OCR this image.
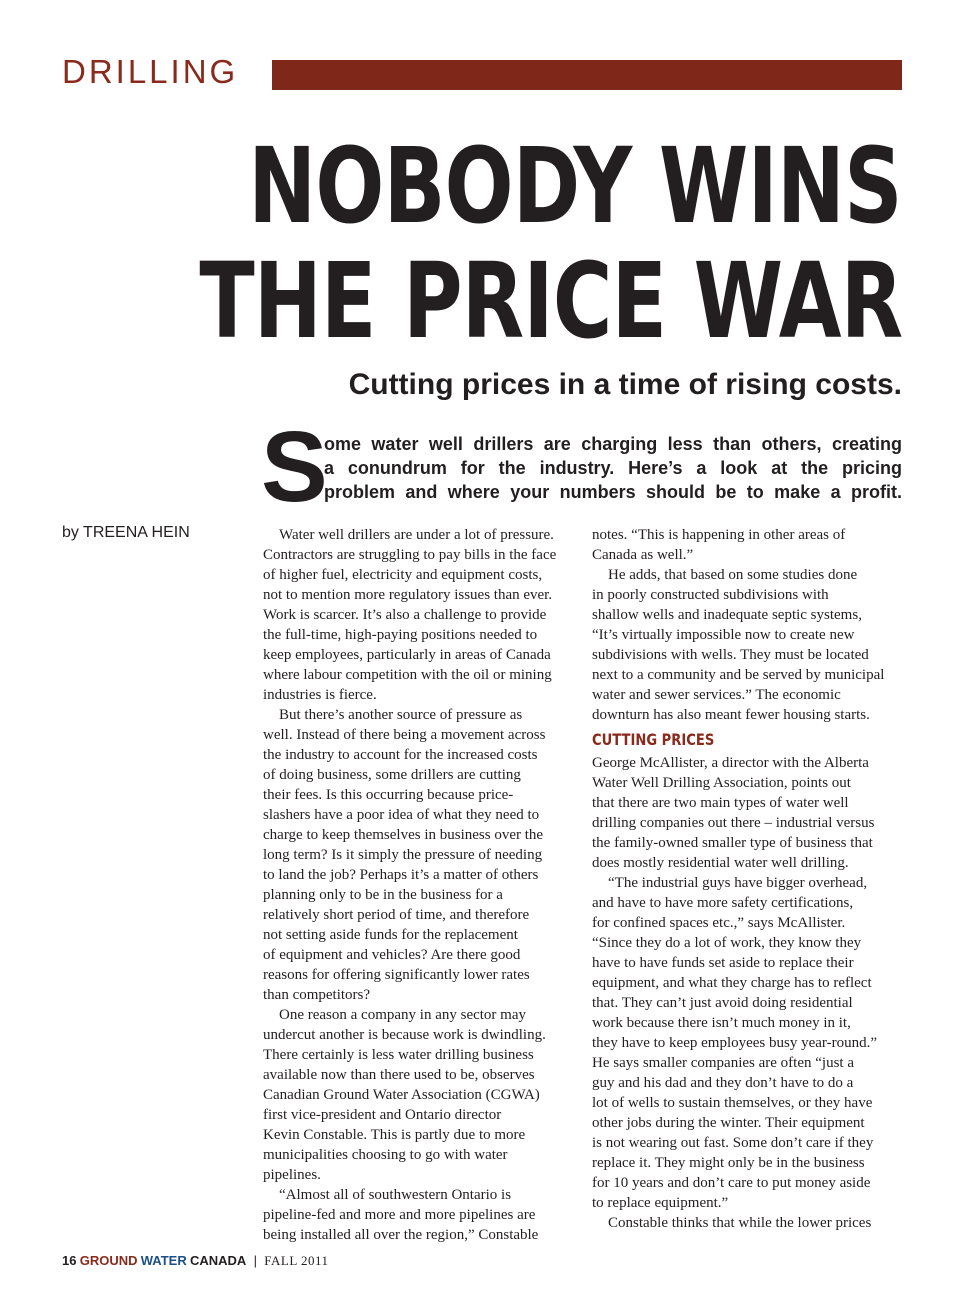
DRILLING
NOBODY WINS
THE PRICE WAR
Cutting prices in a time of rising costs.
S
ome water well drillers are charging less than others, creating
a conundrum for the industry. Here’s a look at the pricing
problem and where your numbers should be to make a profit.
by TREENA HEIN	Water well drillers are under a lot of pressure.
Contractors are struggling to pay bills in the face
of higher fuel, electricity and equipment costs,
not to mention more regulatory issues than ever.
Work is scarcer. It’s also a challenge to provide
the full-time, high-paying positions needed to
keep employees, particularly in areas of Canada
where labour competition with the oil or mining
industries is fierce.
But there’s another source of pressure as
well. Instead of there being a movement across
the industry to account for the increased costs
of doing business, some drillers are cutting
their fees. Is this occurring because price-
slashers have a poor idea of what they need to
charge to keep themselves in business over the
long term? Is it simply the pressure of needing
to land the job? Perhaps it’s a matter of others
planning only to be in the business for a
relatively short period of time, and therefore
not setting aside funds for the replacement
of equipment and vehicles? Are there good
reasons for offering significantly lower rates
than competitors?
One reason a company in any sector may
undercut another is because work is dwindling.
There certainly is less water drilling business
available now than there used to be, observes
Canadian Ground Water Association (CGWA)
first vice-president and Ontario director
Kevin Constable. This is partly due to more
municipalities choosing to go with water
pipelines.
“Almost all of southwestern Ontario is
pipeline-fed and more and more pipelines are
being installed all over the region,” Constable
notes. “This is happening in other areas of
Canada as well.”
He adds, that based on some studies done
in poorly constructed subdivisions with
shallow wells and inadequate septic systems,
“It’s virtually impossible now to create new
subdivisions with wells. They must be located
next to a community and be served by municipal
water and sewer services.” The economic
downturn has also meant fewer housing starts.
CUTTING PRICES
George McAllister, a director with the Alberta
Water Well Drilling Association, points out
that there are two main types of water well
drilling companies out there – industrial versus
the family-owned smaller type of business that
does mostly residential water well drilling.
“The industrial guys have bigger overhead,
and have to have more safety certifications,
for confined spaces etc.,” says McAllister.
“Since they do a lot of work, they know they
have to have funds set aside to replace their
equipment, and what they charge has to reflect
that. They can’t just avoid doing residential
work because there isn’t much money in it,
they have to keep employees busy year-round.”
He says smaller companies are often “just a
guy and his dad and they don’t have to do a
lot of wells to sustain themselves, or they have
other jobs during the winter. Their equipment
is not wearing out fast. Some don’t care if they
replace it. They might only be in the business
for 10 years and don’t care to put money aside
to replace equipment.”
Constable thinks that while the lower prices
16 GROUND WATER CANADA | FALL 2011
